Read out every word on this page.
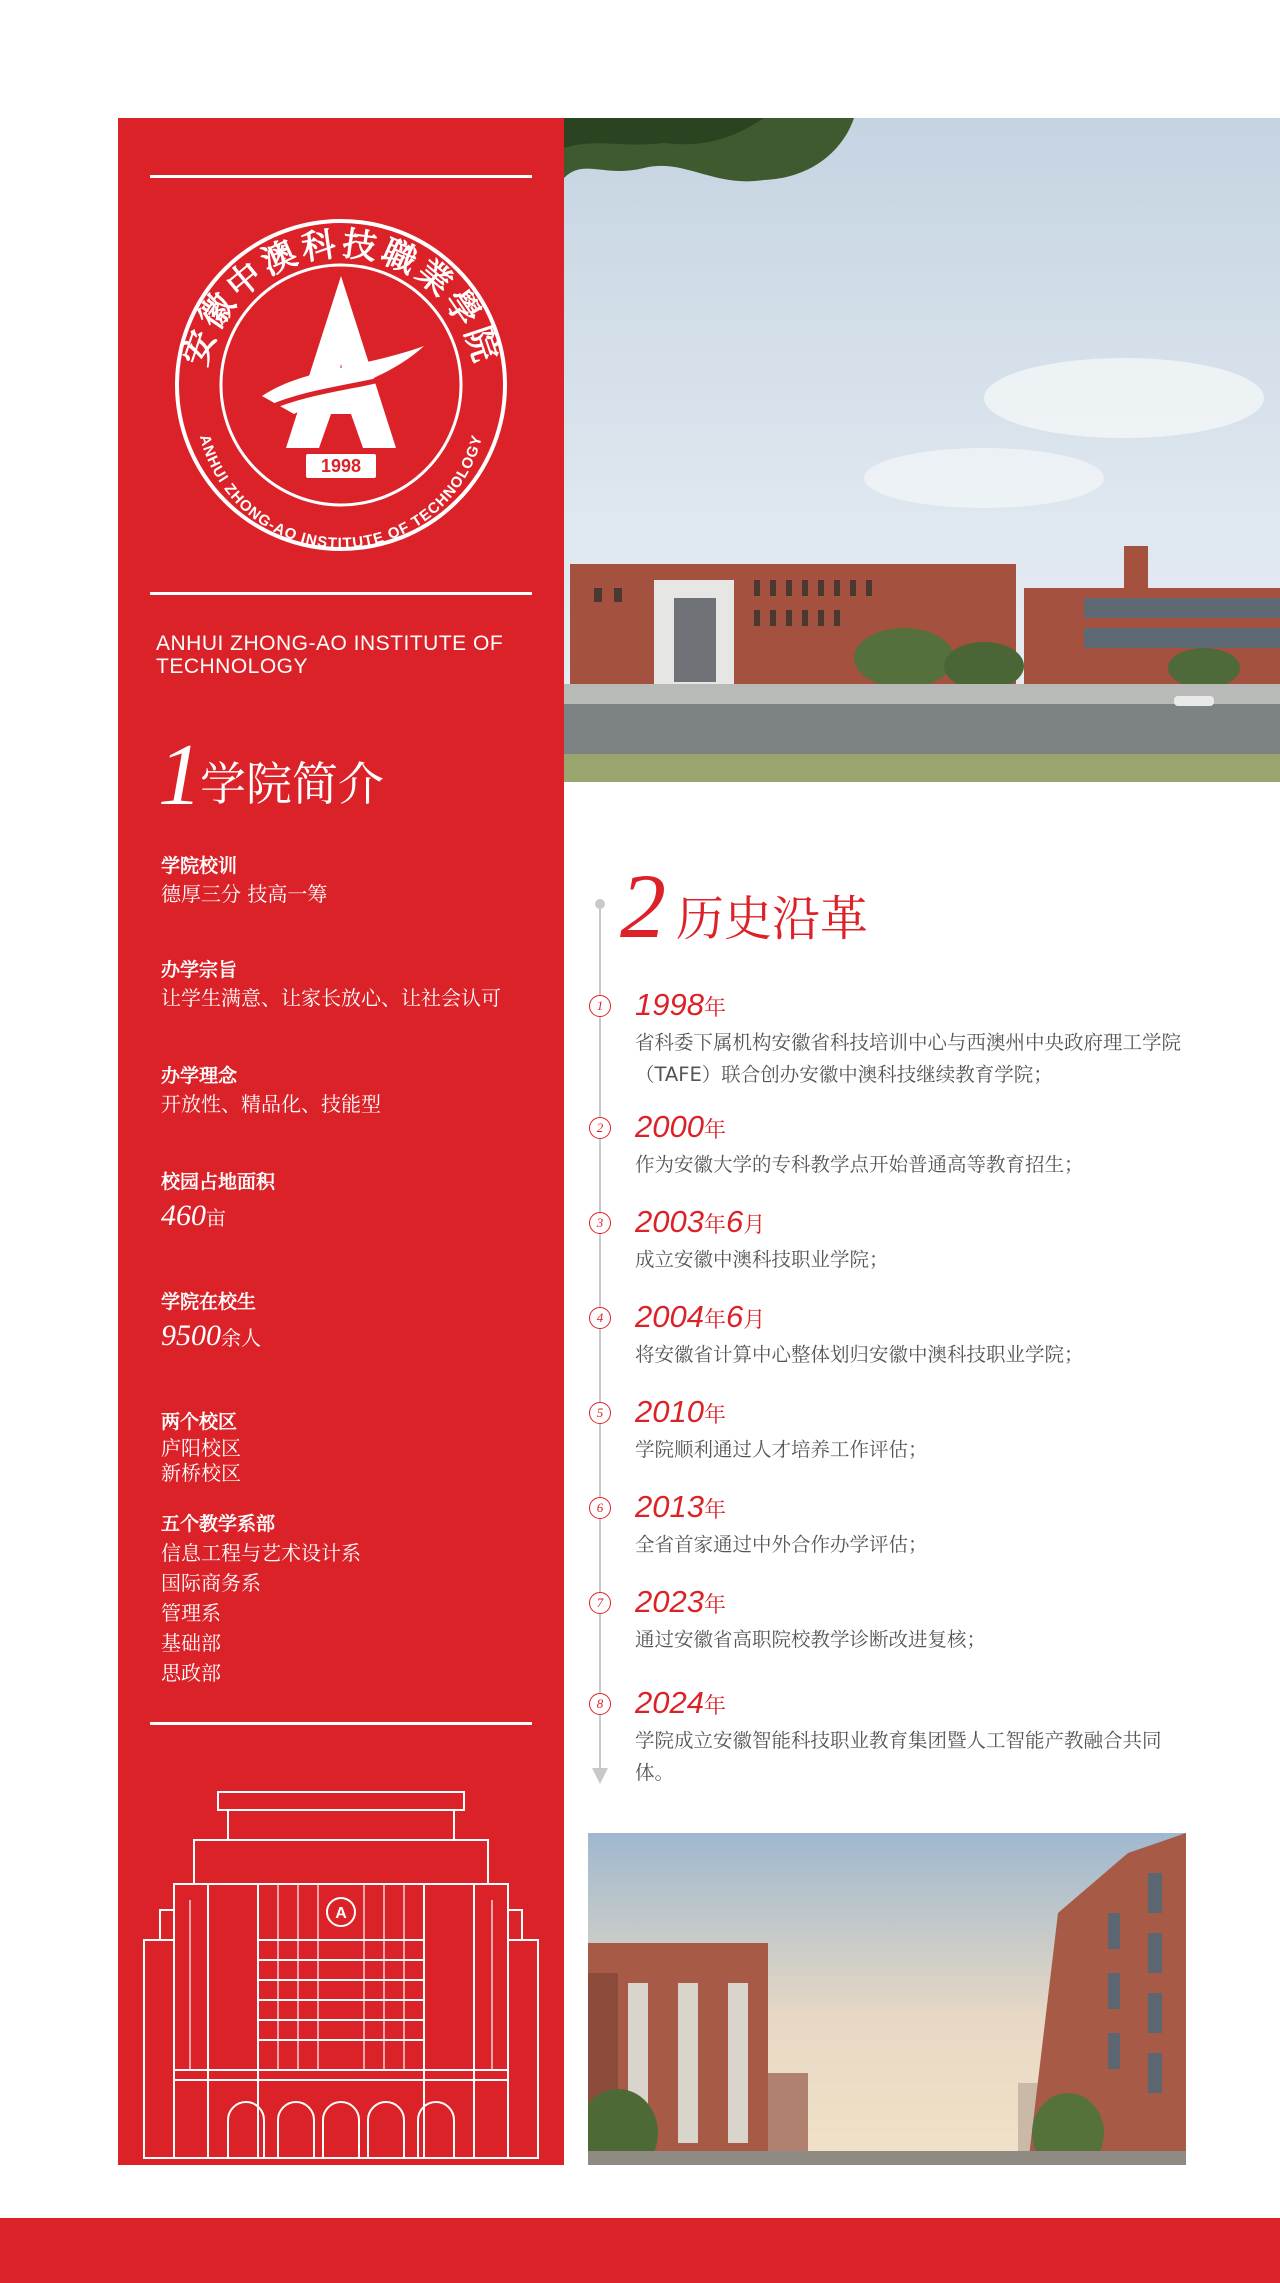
安徽中澳科技職業學院
ANHUI ZHONG-AO INSTITUTE OF TECHNOLOGY
1998
ANHUI ZHONG-AO INSTITUTE OF TECHNOLOGY
1
学院简介
学院校训
德厚三分 技高一筹
办学宗旨
让学生满意、让家长放心、让社会认可
办学理念
开放性、精品化、技能型
校园占地面积
460亩
学院在校生
9500余人
两个校区
庐阳校区
新桥校区
五个教学系部
信息工程与艺术设计系
国际商务系
管理系
基础部
思政部
A
2 历史沿革
1 1998年
省科委下属机构安徽省科技培训中心与西澳州中央政府理工学院（TAFE）联合创办安徽中澳科技继续教育学院；
2 2000年
作为安徽大学的专科教学点开始普通高等教育招生；
3 2003年6月
成立安徽中澳科技职业学院；
4 2004年6月
将安徽省计算中心整体划归安徽中澳科技职业学院；
5 2010年
学院顺利通过人才培养工作评估；
6 2013年
全省首家通过中外合作办学评估；
7 2023年
通过安徽省高职院校教学诊断改进复核；
8 2024年
学院成立安徽智能科技职业教育集团暨人工智能产教融合共同体。
